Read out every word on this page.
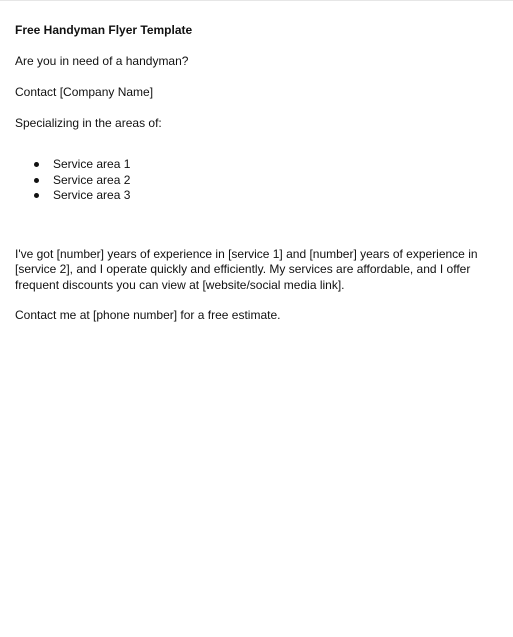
Free Handyman Flyer Template

Are you in need of a handyman?

Contact [Company Name]

Specializing in the areas of:

Service area 1
Service area 2
Service area 3

I've got [number] years of experience in [service 1] and [number] years of experience in [service 2], and I operate quickly and efficiently. My services are affordable, and I offer frequent discounts you can view at [website/social media link].

Contact me at [phone number] for a free estimate.
